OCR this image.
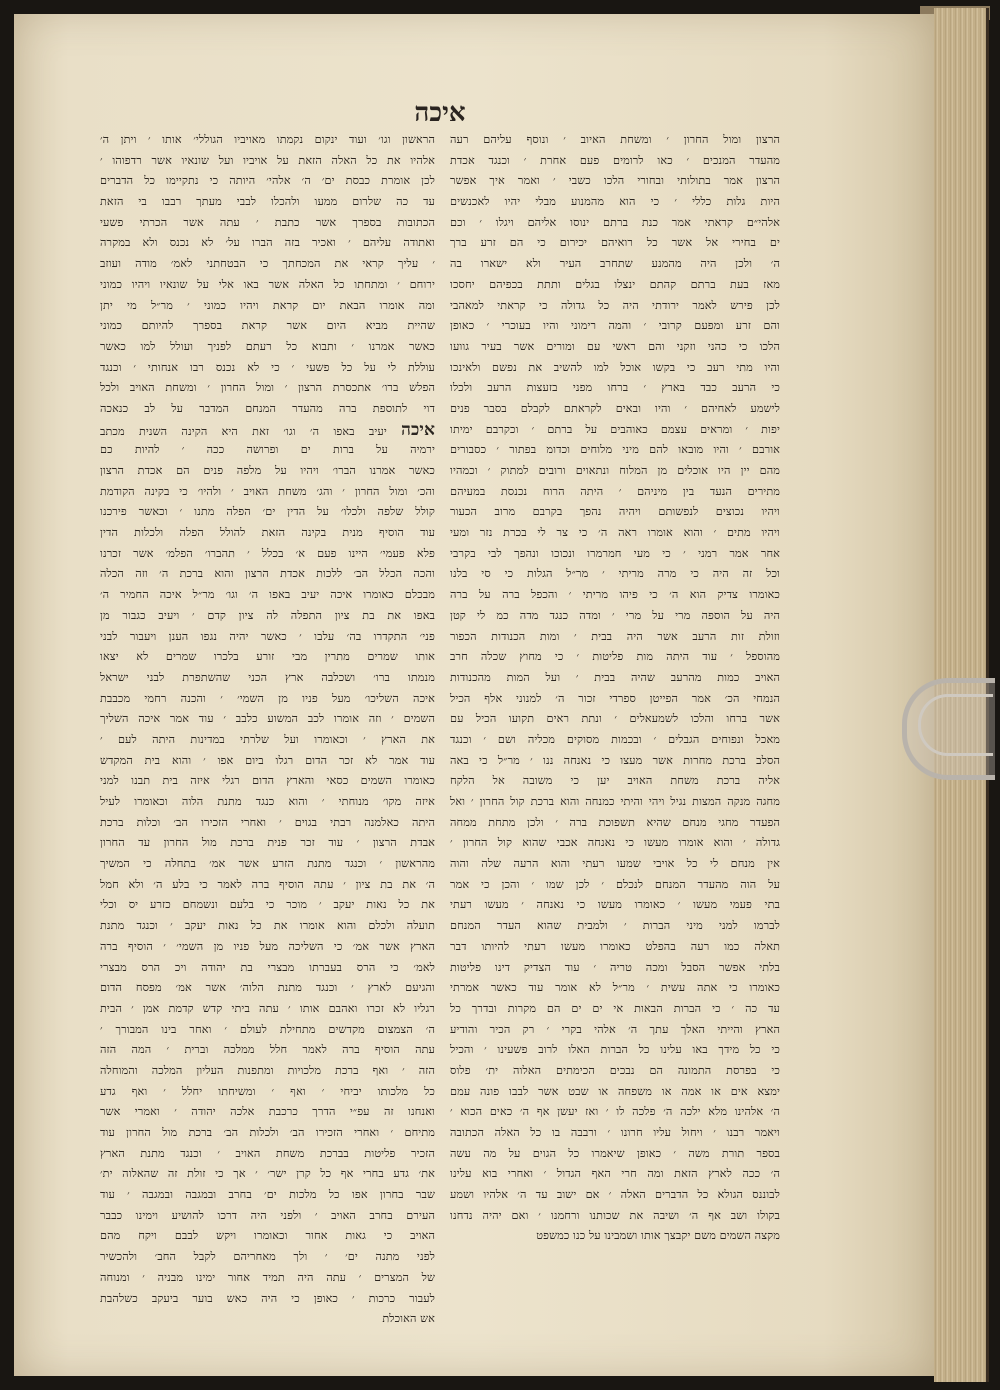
איכה
הרצון ומול החרון ׳ ומשחת האיוב ׳ ונוסף עליהם רעה
מהעדר המנכים ׳ כאו לרומים פעם אחרת ׳ וכנגד אכדת
הרצון אמר בתולותי ובחורי הלכו כשבי ׳ ואמר איך אפשר
היות גלות כללי ׳ כי הוא מהמנוע מבלי יהיו לאכנשים
אלהי״ם קראתי אמר כנת ברתם ינוסו אליהם ויגלו ׳ וכם
ים בחירי אל אשר כל רואיהם יכירום כי הם זרע ברך
ה׳ ולכן היה מהמנע שתחרב העיר ולא ישארו בה
מאז בעת ברתם קהתם ינצלו בגלים ותתת בכפיהם יחסכו
לכן פירש לאמר ירודתי היה כל גדולה כי קראתי למאהבי
והם זרע ומפעם קרובי ׳ והמה רימוני והיו בעוכרי ׳ כאופן
הלכו כי כהני וזקני והם ראשי עם ומורים אשר בעיר גוועו
והיו מתי רעב כי בקשו אוכל למו להשיב את נפשם ולאינכו
כי הרעב כבד בארץ ׳ ברחו מפני בזעצות הרעב ולכלו
לישמע לאחיהם ׳ והיו ובאים לקראתם לקבלם בסבר פנים
יפות ׳ ומראים עצמם כאוהבים על ברתם ׳ וכקרבם ימיתו
אורבם ׳ והיו מובאו להם מיני מלוחים וכדומ בפתור ׳ כסבורים
מהם יין היו אוכלים מן המלוח ונתאוים ורובים למתוק ׳ וכמהיו
מתירים הנעד בין מיניהם ׳ היתה הרוח נכנסת במעיהם
ויהיו נכוצים לנפשותם ויהיה נהפך בקרבם מרוב הכעור
ויהיו מתים ׳ והוא אומרו ראה ה׳ כי צר לי בכרת נזר ומעי
אחר אמר רמני ׳ כי מעי חמרמרו ונכוכו ונהפך לבי בקרבי
וכל זה היה כי מרה מריתי ׳ מר״ל הגלות כי סי בלנו
כאומרו צדיק הוא ה׳ כי פיהו מריתי ׳ והכפל ברה על ברה
היה על הוספה מרי על מרי ׳ ומדה כנגד מדה כמ לי קטן
וזולת זות הרעב אשר היה בבית ׳ ומות הכנודות הכפור
מהוספל ׳ עוד היתה מות פליטות ׳ כי מחוץ שכלה חרב
האויב כמות מהרעב שהיה בבית ׳ ועל המות מהכנודות
הנמחי הכ׳ אמר הפייטן ספרדי זכור ה׳ למנוני אלף הכיל
אשר ברחו והלכו לשמעאלים ׳ ונתת ראים תקועו הכיל עם
מאכל ונפוחים הגבלים ׳ ובכמות מסוקים מכליה ושם ׳ וכנגד
הסלב ברכת מחרות אשר מעצו כי נאנחה ננו ׳ מר״ל כי באה
אליה ברכת משחת האויב יען כי משובה אל הלקח
מחגה מנקה המצות נגיל ויהי והיתי כמנחה והוא ברכת קול החרון ׳ ואל
הפעדר מחגי מנחם שהיא תשפוכת ברה ׳ ולכן מתחת ממחה
גדולה ׳ והוא אומרו מעשו כי נאנחה אכבי שהוא קול החרון ׳
אין מנחם לי כל אויבי שמעו רעתי והוא הרעה שלה והוה
על הוה מהעדר המנחם לנכלם ׳ לכן שמו ׳ והכן כי אמר
בתי פעמי מעשו ׳ כאומרו מעשו כי נאנחה ׳ מעשו רעתי
לברמו למני מיני הברות ׳ ולמבית שהוא העדר המנחם
תאלה כמו רעה בהפלט כאומרו מעשו רעתי להיותו דבר
בלתי אפשר הסבל ומכה טריה ׳ עוד הצדיק דינו פליטות
כאומרו כי אתה עשית ׳ מר״ל לא אומר עוד כאשר אמרתי
עד כה ׳ כי הברות הבאות אי ים ים הם מקרות ובדרך כל
הארץ והייתי האלך עתך ה׳ אלהי בקרי ׳ רק הכיר והודיע
כי כל מידך באו עלינו כל הברות האלו לרוב פשעינו ׳ והכיל
כי בפרסת התמונה הם נבכים הכימתים האלוה ית׳ פלוס
ימצא אים או אמה או משפחה או שבט אשר לבבו פונה עמם
ה׳ אלהינו מלא ילכה ה׳ פלכה לו ׳ ואז יעשן אף ה׳ כאים הכוא ׳
ויאמר רבנו ׳ ויחול עליו חרונו ׳ ורבבה בו כל האלה הכתובה
בספר תורת משה ׳ כאופן שיאמרו כל הגוים על מה עשה
ה׳ ככה לארץ הזאת ומה חרי האף הגדול ׳ ואחרי בוא עלינו
לבוננס הגולא כל הדברים האלה ׳ אם ישוב עד ה׳ אלהיו ושמע
בקולו ושב אף ה׳ ושיבה את שכותנו ורחמנו ׳ ואם יהיה נדחנו
מקצה השמים משם יקבצך אותו ושמבינו על כנו כמשפט
הראשון וגו׳ ועוד ינקום נקמתו מאויביו הגוללי׳ אותו ׳ ויתן ה׳
אלהיו את כל האלה הזאת על אויביו ועל שונאיו אשר רדפוהו ׳
לכן אומרת כבסת ים׳ ה׳ אלהי׳ היותה כי נתקיימו כל הדברים
עד כה שלרום ממעו ולהכלו לבבי מעתך רבבו בי הזאת
הכתובות בספרך אשר כתבת ׳ עתה אשר הכרתי פשעי
ואתודה עליהם ׳ ואכיר בזה הברו על׳ לא נכנס ולא במקרה
׳ עליך קראי את המכחתך כי הבטחתני לאמ׳ מודה ועוזב
ירוחם ׳ ומתחתו כל האלה אשר באו אלי על שונאיו ויהיו כמוני
ומה אומרו הבאת יום קראת ויהיו כמוני ׳ מר״ל מי יתן
שהיית מביא היום אשר קראת בספרך להיותם כמוני
כאשר אמרנו ׳ ותבוא כל רעתם לפניך ועולל למו כאשר
עוללת לי על כל פשעי ׳ כי לא נכנס רבו אנחותי ׳ וכנגד
הפלש ברו׳ אתכסרת הרצון ׳ ומול החרון ׳ ומשחת האויב ולכל
דוי לתוספת ברה מהעדר המנחם המדבר על לב כנאכה
איכה יעיב באפו ה׳ וגו׳ זאת היא הקינה השנית מכתב
ירמיה על ברות ים ופרושה ככה ׳ להיות כם
כאשר אמרנו הברו׳ ויהיו על מלפה פנים הם אכדת הרצון
והכ׳ ומול החרון ׳ והג׳ משחת האויב ׳ ולהיו׳ כי בקינה הקודמת
קולל שלפה ולכלו׳ על הדין ים׳ הפלה מתנו ׳ וכאשר פירכנו
עוד הוסיף מנית בקינה הזאת להולל הפלה ולכלות הדין
פלא פעמי׳ היינו פעם א׳ בכלל ׳ תהברו׳ הפלמ׳ אשר זכרנו
והכה הכלל הב׳ ללכות אכדת הרצון והוא ברכת ה׳ וזה הכלה
מבכלם כאומרו איכה יעיב באפו ה׳ וגו׳ מר״ל איכה החמיר ה׳
באפו את בת ציון התפלה לה ציון קדם ׳ ויעיב כגבור מן
פני׳ התקדרו בה׳ עלבו ׳ כאשר יהיה נגפו הענן ויעבור לבני
אותו שמרים מתרין מבי זורע בלכרו שמרים לא יצאו
מנמתו ברו׳ ושכלבה ארץ הכני שהשתפרת לבני ישראל
איכה השליכו׳ מעל פניו מן השמי׳ ׳ והכנה רחמי מכבבת
השמים ׳ וזה אומרו לכב המשוע כלבב ׳ עוד אמר איכה השליך
את הארץ ׳ וכאומרו ועל שלרתי במדינות היתה לעם ׳
עוד אמר לא זכר הדום רגלו ביום אפו ׳ והוא בית המקדש
כאומרו השמים כסאי והארץ הדום רגלי איזה בית תבנו למני
איזה מקו׳ מנוחתי ׳ והוא כנגד מתנת הלוה וכאומרו לעיל
היתה כאלמנה רבתי בגוים ׳ ואחרי הזכירו הב׳ וכלות ברכת
אבדת הרצון ׳ עוד זכר פנית ברכת מול החרון עד החרון
מהראשון ׳ וכנגד מתנת הזרע אשר אמ׳ בתחלה כי המשיך
ה׳ את בת ציון ׳ עתה הוסיף ברה לאמר כי בלע ה׳ ולא חמל
את כל נאות יעקב ׳ מוכר כי בלעם ונשמחם כזרע יס וכלי
תועלה ולכלם והוא אומרו את כל נאות יעקב ׳ וכנגד מתנת
הארץ אשר אמ׳ כי השליכה מעל פניו מן השמי׳ ׳ הוסיף ברה
לאמ׳ כי הרס בעברתו מבצרי בת יהודה ויכ הרס מבצרי
והגיעם לארץ ׳ וכנגד מתנת הלוה׳ אשר אמ׳ מפסח הדום
רגליו לא זכרו ואהבם אותו ׳ עתה ביתי קדש קדמת אמן ׳ הבית
ה׳ הצמצום מקדשים מתחילת לעולם ׳ ואחר בינו המבורך ׳
עתה הוסיף ברה לאמר חלל ממלכה וברית ׳ המה הזה
הזה ׳ ואף ברכת מלכויות ומתפנות העליון המלכה והמוחלה
כל מלכותו יביחי ׳ ואף ׳ ומשיחתו יחלל ׳ ואף גדע
ואנחנו זה עפ״י הדרך כרכבת אלכה יהודה ׳ ואמרי אשר
מתיחם ׳ ואחרי הזכירו הב׳ ולכלות הב׳ ברכת מול החרון עוד
הזכיר פליטות בברכת משחת האויב ׳ וכנגד מתנת הארץ
את׳ גדע בחרי אף כל קרן ישר׳ ׳ אך כי זולת זה שהאלוה ית׳
שבר בחרון אפו כל מלכות ים׳ בחרב ובמגבה ובמגבה ׳ עוד
העירם בחרב האויב ׳ ולפני היה דרכו להושיע וימינו כבבר
האויב כי גאות אחור וכאומרו ויקש לבבם ויקח מהם
לפני מתנה ים׳ ׳ ולך מאחריהם לקבל החב׳ ולהכשיר
של המצרים ׳ עתה היה תמיד אחור ימינו מבניה ׳ ומנוחה
לעבור כרכות ׳ כאופן כי היה כאש בוער ביעקב כשלהבת
אש האוכלת
